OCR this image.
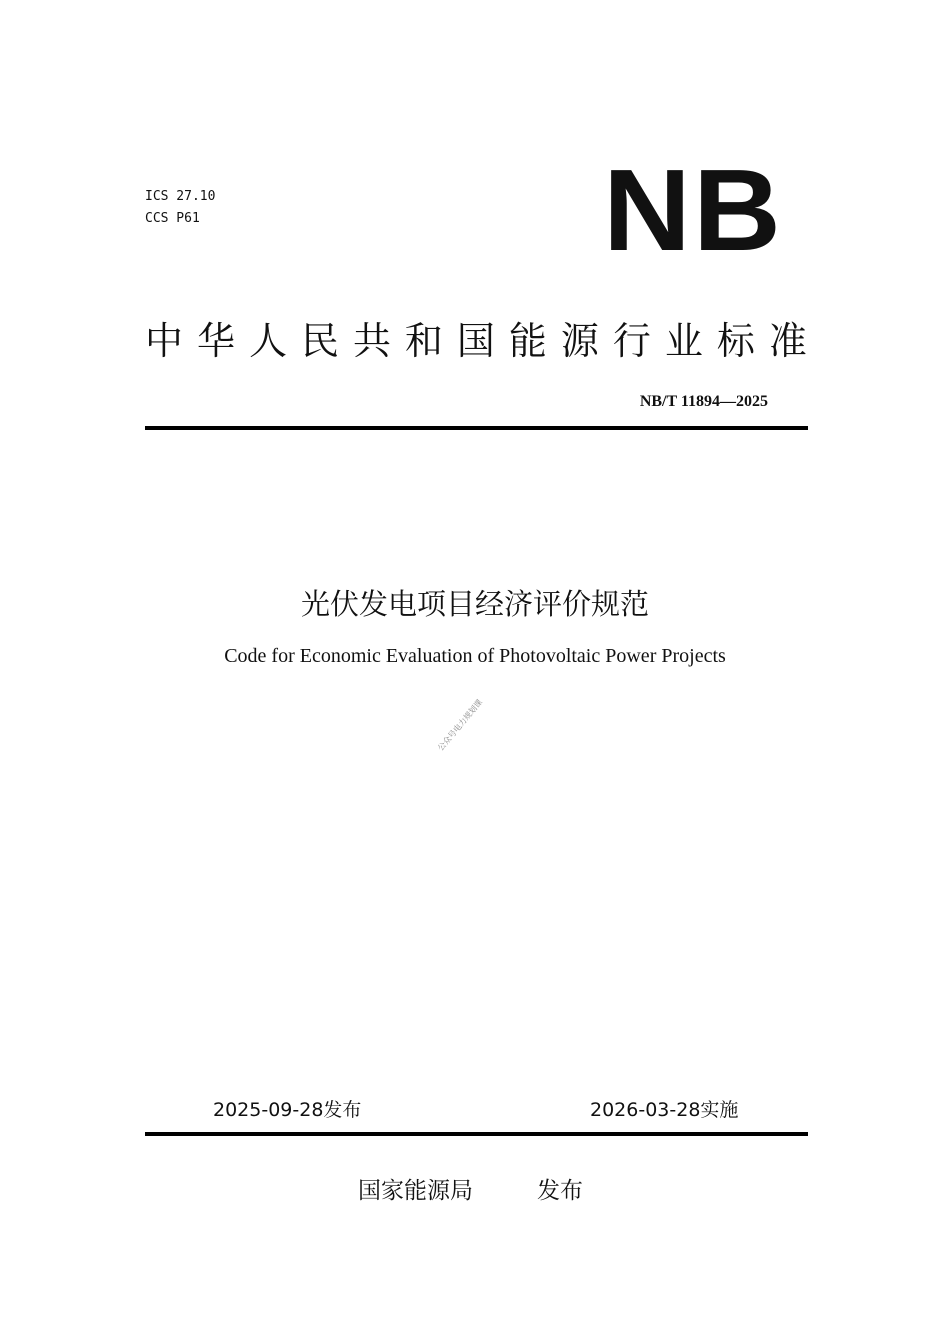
ICS 27.10
CCS P61	NB
中 华 人 民 共 和 国 能 源 行 业 标 准
NB/T 11894—2025
光伏发电项目经济评价规范
Code for Economic Evaluation of Photovoltaic Power Projects
公众号电力规划课
2025-09-28发布	2026-03-28实施
国家能源局	发布
